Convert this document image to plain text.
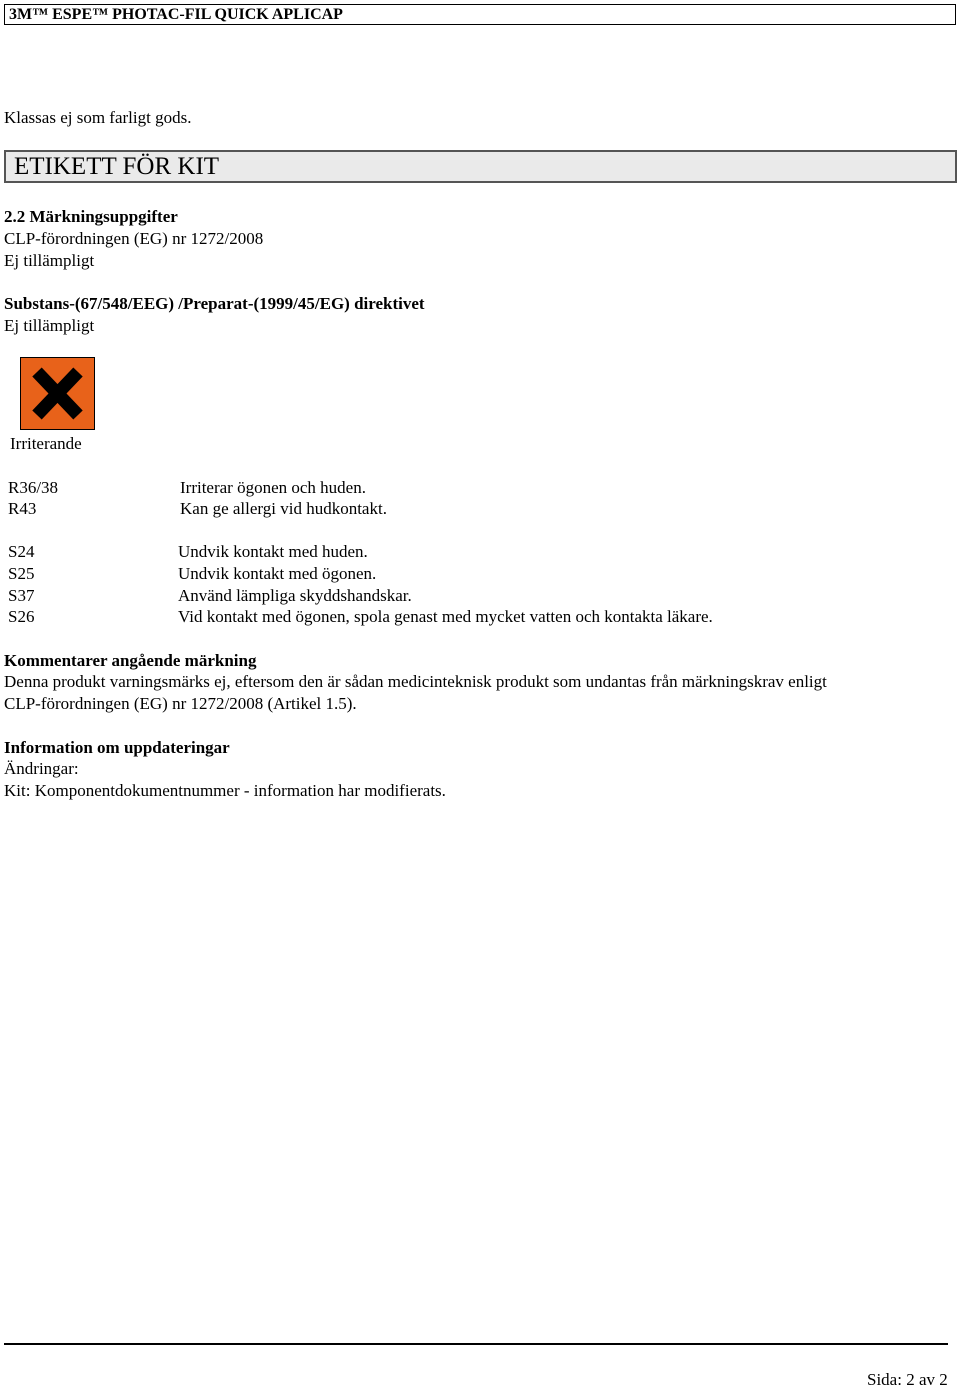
3M™ ESPE™ PHOTAC-FIL QUICK APLICAP
Klassas ej som farligt gods.
ETIKETT FÖR KIT
2.2 Märkningsuppgifter
CLP-förordningen (EG) nr 1272/2008
Ej tillämpligt
Substans-(67/548/EEG) /Preparat-(1999/45/EG) direktivet
Ej tillämpligt
Irriterande
R36/38	Irriterar ögonen och huden.
R43	Kan ge allergi vid hudkontakt.
S24	Undvik kontakt med huden.
S25	Undvik kontakt med ögonen.
S37	Använd lämpliga skyddshandskar.
S26	Vid kontakt med ögonen, spola genast med mycket vatten och kontakta läkare.
Kommentarer angående märkning
Denna produkt varningsmärks ej, eftersom den är sådan medicinteknisk produkt som undantas från märkningskrav enligt
CLP-förordningen (EG) nr 1272/2008 (Artikel 1.5).
Information om uppdateringar
Ändringar:
Kit: Komponentdokumentnummer - information har modifierats.
Sida: 2 av 2
